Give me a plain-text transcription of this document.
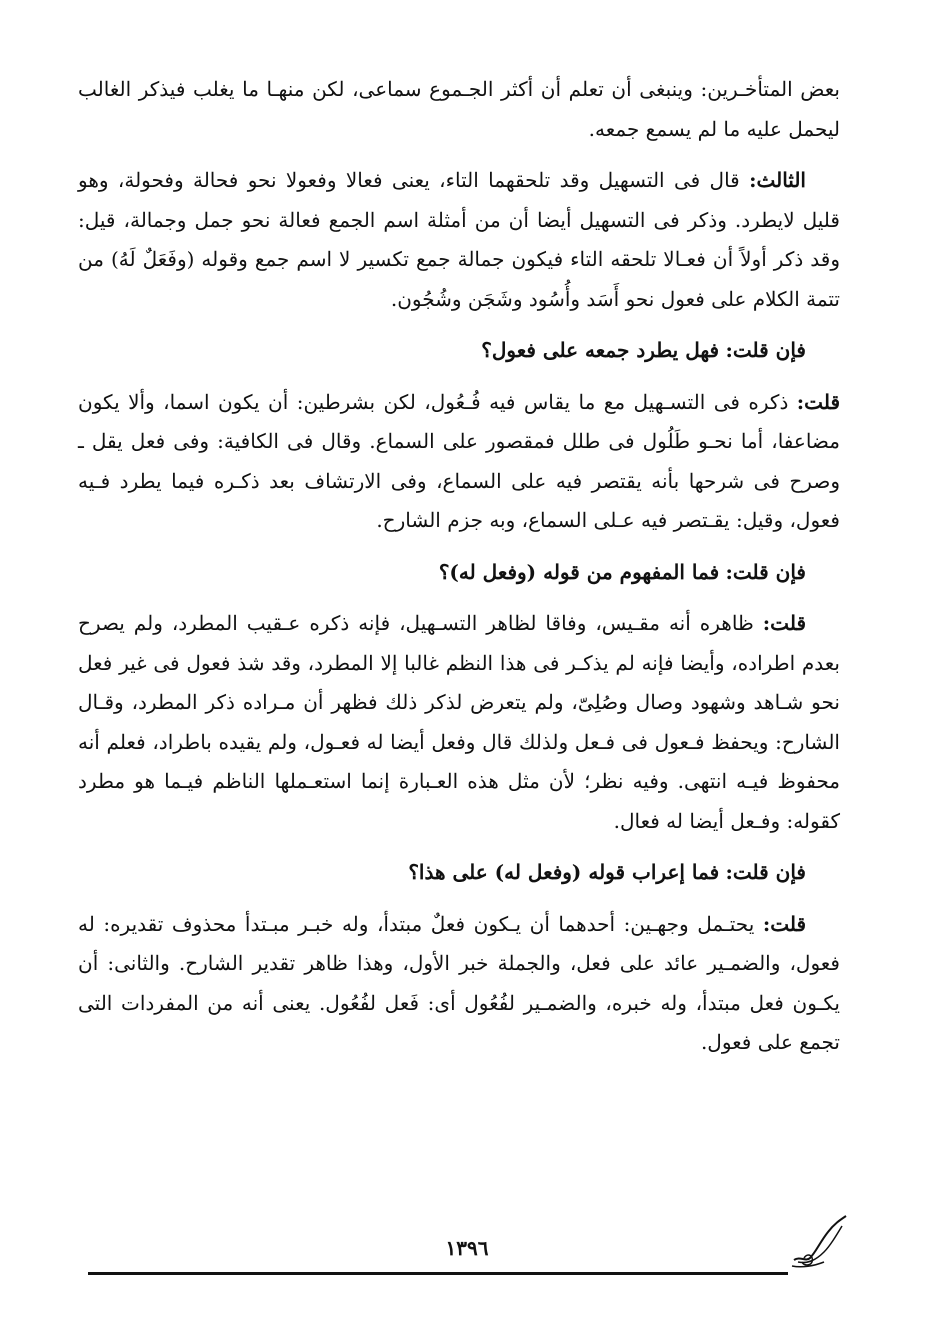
بعض المتأخـرين: وينبغى أن تعلم أن أكثر الجـموع سماعى، لكن منهـا ما يغلب فيذكر الغالب ليحمل عليه ما لم يسمع جمعه.

الثالث: قال فى التسهيل وقد تلحقهما التاء، يعنى فعالا وفعولا نحو فحالة وفحولة، وهو قليل لايطرد. وذكر فى التسهيل أيضا أن من أمثلة اسم الجمع فعالة نحو جمل وجمالة، قيل: وقد ذكر أولاً أن فعـالا تلحقه التاء فيكون جمالة جمع تكسير لا اسم جمع وقوله (وفَعَلٌ لَهُ) من تتمة الكلام على فعول نحو أَسَد وأُسُود وشَجَن وشُجُون.

فإن قلت: فهل يطرد جمعه على فعول؟

قلت: ذكره فى التسـهيل مع ما يقاس فيه فُـعُول، لكن بشرطين: أن يكون اسما، وألا يكون مضاعفا، أما نحـو طَلُول فى طلل فمقصور على السماع. وقال فى الكافية: وفى فعل يقل ـ وصرح فى شرحها بأنه يقتصر فيه على السماع، وفى الارتشاف بعد ذكـره فيما يطرد فـيه فعول، وقيل: يقـتصر فيه عـلى السماع، وبه جزم الشارح.

فإن قلت: فما المفهوم من قوله (وفعل له)؟

قلت: ظاهره أنه مقـيس، وفاقا لظاهر التسـهيل، فإنه ذكره عـقيب المطرد، ولم يصرح بعدم اطراده، وأيضا فإنه لم يذكـر فى هذا النظم غالبا إلا المطرد، وقد شذ فعول فى غير فعل نحو شـاهد وشهود وصال وصُلِىّ، ولم يتعرض لذكر ذلك فظهر أن مـراده ذكر المطرد، وقـال الشارح: ويحفظ فـعول فى فـعل ولذلك قال وفعل أيضا له فعـول، ولم يقيده باطراد، فعلم أنه محفوظ فيـه انتهى. وفيه نظر؛ لأن مثل هذه العـبارة إنما استعـملها الناظم فيـما هو مطرد كقوله: وفـعل أيضا له فعال.

فإن قلت: فما إعراب قوله (وفعل له) على هذا؟

قلت: يحتـمل وجهـين: أحدهما أن يـكون فعلٌ مبتدأ، وله خبـر مبـتدأ محذوف تقديره: له فعول، والضمـير عائد على فعل، والجملة خبر الأول، وهذا ظاهر تقدير الشارح. والثانى: أن يكـون فعل مبتدأ، وله خبره، والضمـير لفُعُول أى: فَعل لفُعُول. يعنى أنه من المفردات التى تجمع على فعول.

١٣٩٦
